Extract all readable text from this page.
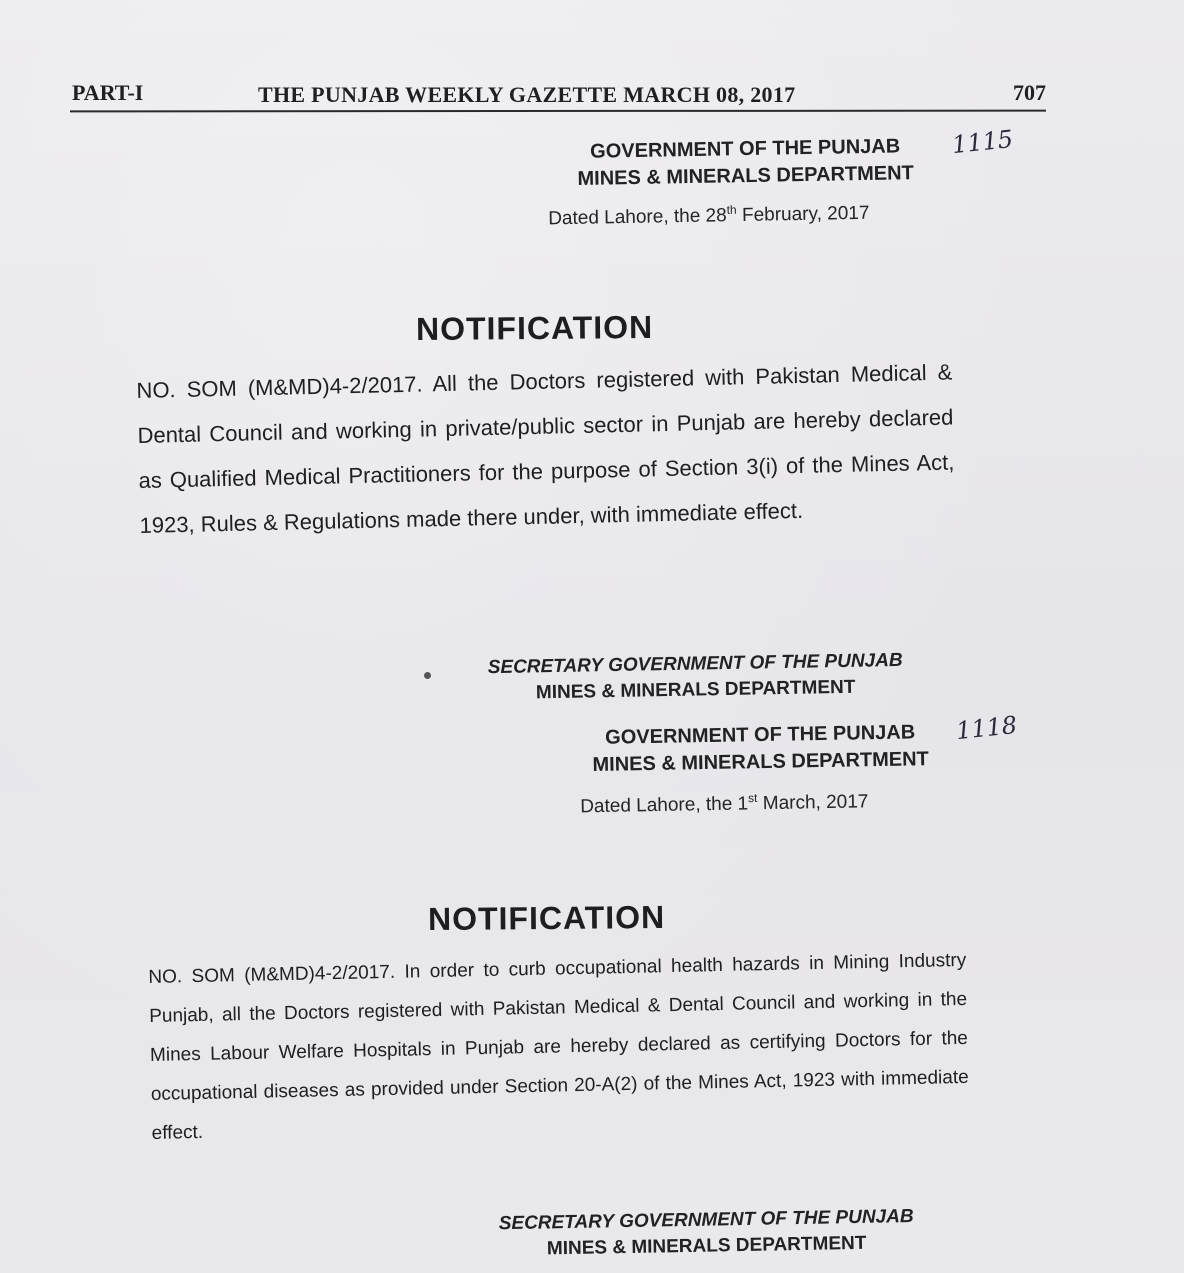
PART-I	THE PUNJAB WEEKLY GAZETTE MARCH 08, 2017	707
GOVERNMENT OF THE PUNJAB
MINES & MINERALS DEPARTMENT
1115
Dated Lahore, the 28th February, 2017
NOTIFICATION
NO. SOM (M&MD)4-2/2017. All the Doctors registered with Pakistan Medical & Dental Council and working in private/public sector in Punjab are hereby declared as Qualified Medical Practitioners for the purpose of Section 3(i) of the Mines Act, 1923, Rules & Regulations made there under, with immediate effect.
SECRETARY GOVERNMENT OF THE PUNJAB
MINES & MINERALS DEPARTMENT
GOVERNMENT OF THE PUNJAB
MINES & MINERALS DEPARTMENT
1118
Dated Lahore, the 1st March, 2017
NOTIFICATION
NO. SOM (M&MD)4-2/2017. In order to curb occupational health hazards in Mining Industry Punjab, all the Doctors registered with Pakistan Medical & Dental Council and working in the Mines Labour Welfare Hospitals in Punjab are hereby declared as certifying Doctors for the occupational diseases as provided under Section 20-A(2) of the Mines Act, 1923 with immediate effect.
SECRETARY GOVERNMENT OF THE PUNJAB
MINES & MINERALS DEPARTMENT
